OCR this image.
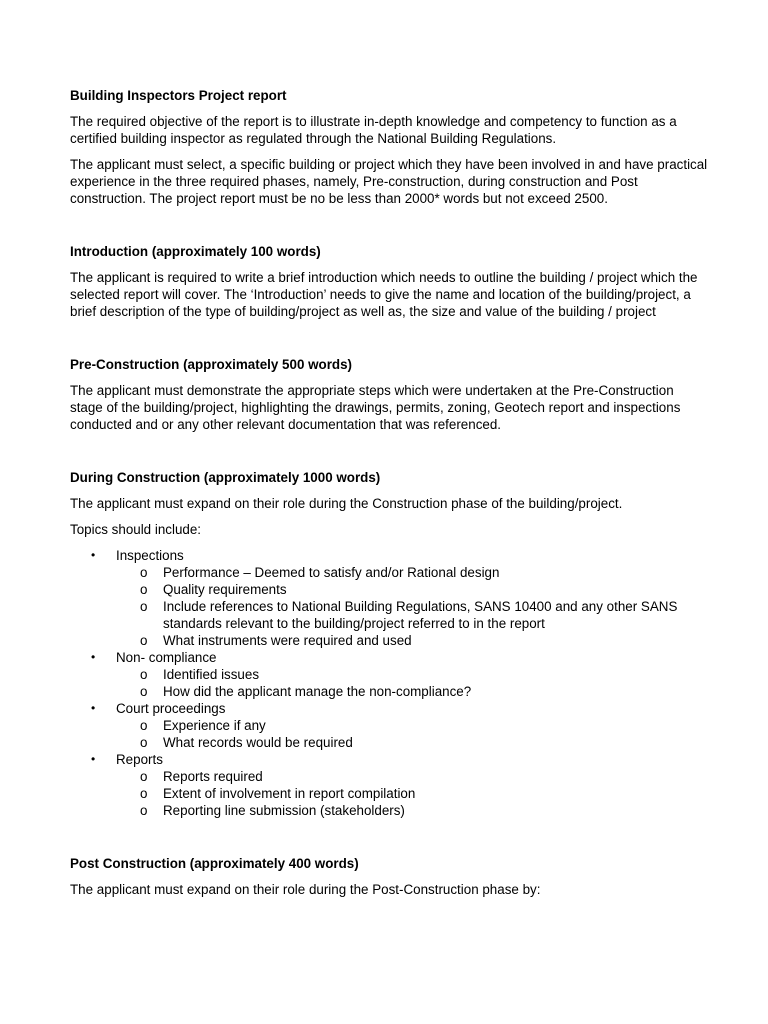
Building Inspectors Project report

The required objective of the report is to illustrate in-depth knowledge and competency to function as a certified building inspector as regulated through the National Building Regulations.

The applicant must select, a specific building or project which they have been involved in and have practical experience in the three required phases, namely, Pre-construction, during construction and Post construction. The project report must be no be less than 2000* words but not exceed 2500.

Introduction (approximately 100 words)

The applicant is required to write a brief introduction which needs to outline the building / project which the selected report will cover. The ‘Introduction’ needs to give the name and location of the building/project, a brief description of the type of building/project as well as, the size and value of the building / project

Pre-Construction (approximately 500 words)

The applicant must demonstrate the appropriate steps which were undertaken at the Pre-Construction stage of the building/project, highlighting the drawings, permits, zoning, Geotech report and inspections conducted and or any other relevant documentation that was referenced.

During Construction (approximately 1000 words)

The applicant must expand on their role during the Construction phase of the building/project.

Topics should include:

• Inspections
o Performance – Deemed to satisfy and/or Rational design
o Quality requirements
o Include references to National Building Regulations, SANS 10400 and any other SANS standards relevant to the building/project referred to in the report
o What instruments were required and used
• Non- compliance
o Identified issues
o How did the applicant manage the non-compliance?
• Court proceedings
o Experience if any
o What records would be required
• Reports
o Reports required
o Extent of involvement in report compilation
o Reporting line submission (stakeholders)
Post Construction (approximately 400 words)

The applicant must expand on their role during the Post-Construction phase by:
